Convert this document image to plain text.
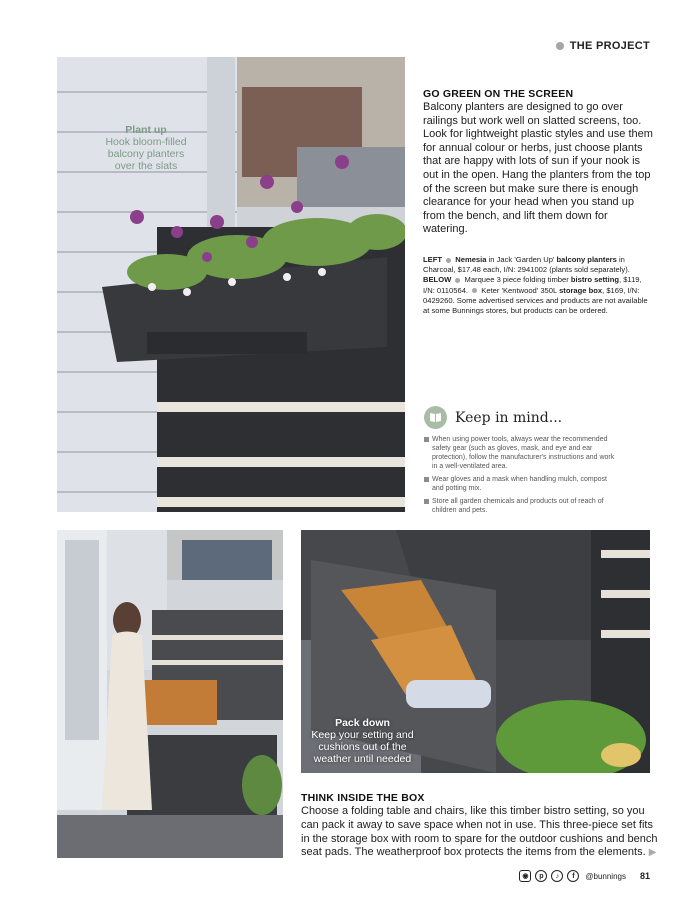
THE PROJECT
Plant up
Hook bloom-filled balcony planters over the slats
GO GREEN ON THE SCREEN
Balcony planters are designed to go over railings but work well on slatted screens, too. Look for lightweight plastic styles and use them for annual colour or herbs, just choose plants that are happy with lots of sun if your nook is out in the open. Hang the planters from the top of the screen but make sure there is enough clearance for your head when you stand up from the bench, and lift them down for watering.
LEFT Nemesia in Jack 'Garden Up' balcony planters in Charcoal, $17.48 each, I/N: 2941002 (plants sold separately). BELOW  Marquee 3 piece folding timber bistro setting, $119, I/N: 0110564.  Keter 'Kentwood' 350L storage box, $169, I/N: 0429260. Some advertised services and products are not available at some Bunnings stores, but products can be ordered.
Keep in mind...
When using power tools, always wear the recommended safety gear (such as gloves, mask, and eye and ear protection), follow the manufacturer's instructions and work in a well-ventilated area.
Wear gloves and a mask when handling mulch, compost and potting mix.
Store all garden chemicals and products out of reach of children and pets.
Pack down
Keep your setting and cushions out of the weather until needed
THINK INSIDE THE BOX
Choose a folding table and chairs, like this timber bistro setting, so you can pack it away to save space when not in use. This three-piece set fits in the storage box with room to spare for the outdoor cushions and bench seat pads. The weatherproof box protects the items from the elements. ▶
◉	p	♪	f	@bunnings 81
